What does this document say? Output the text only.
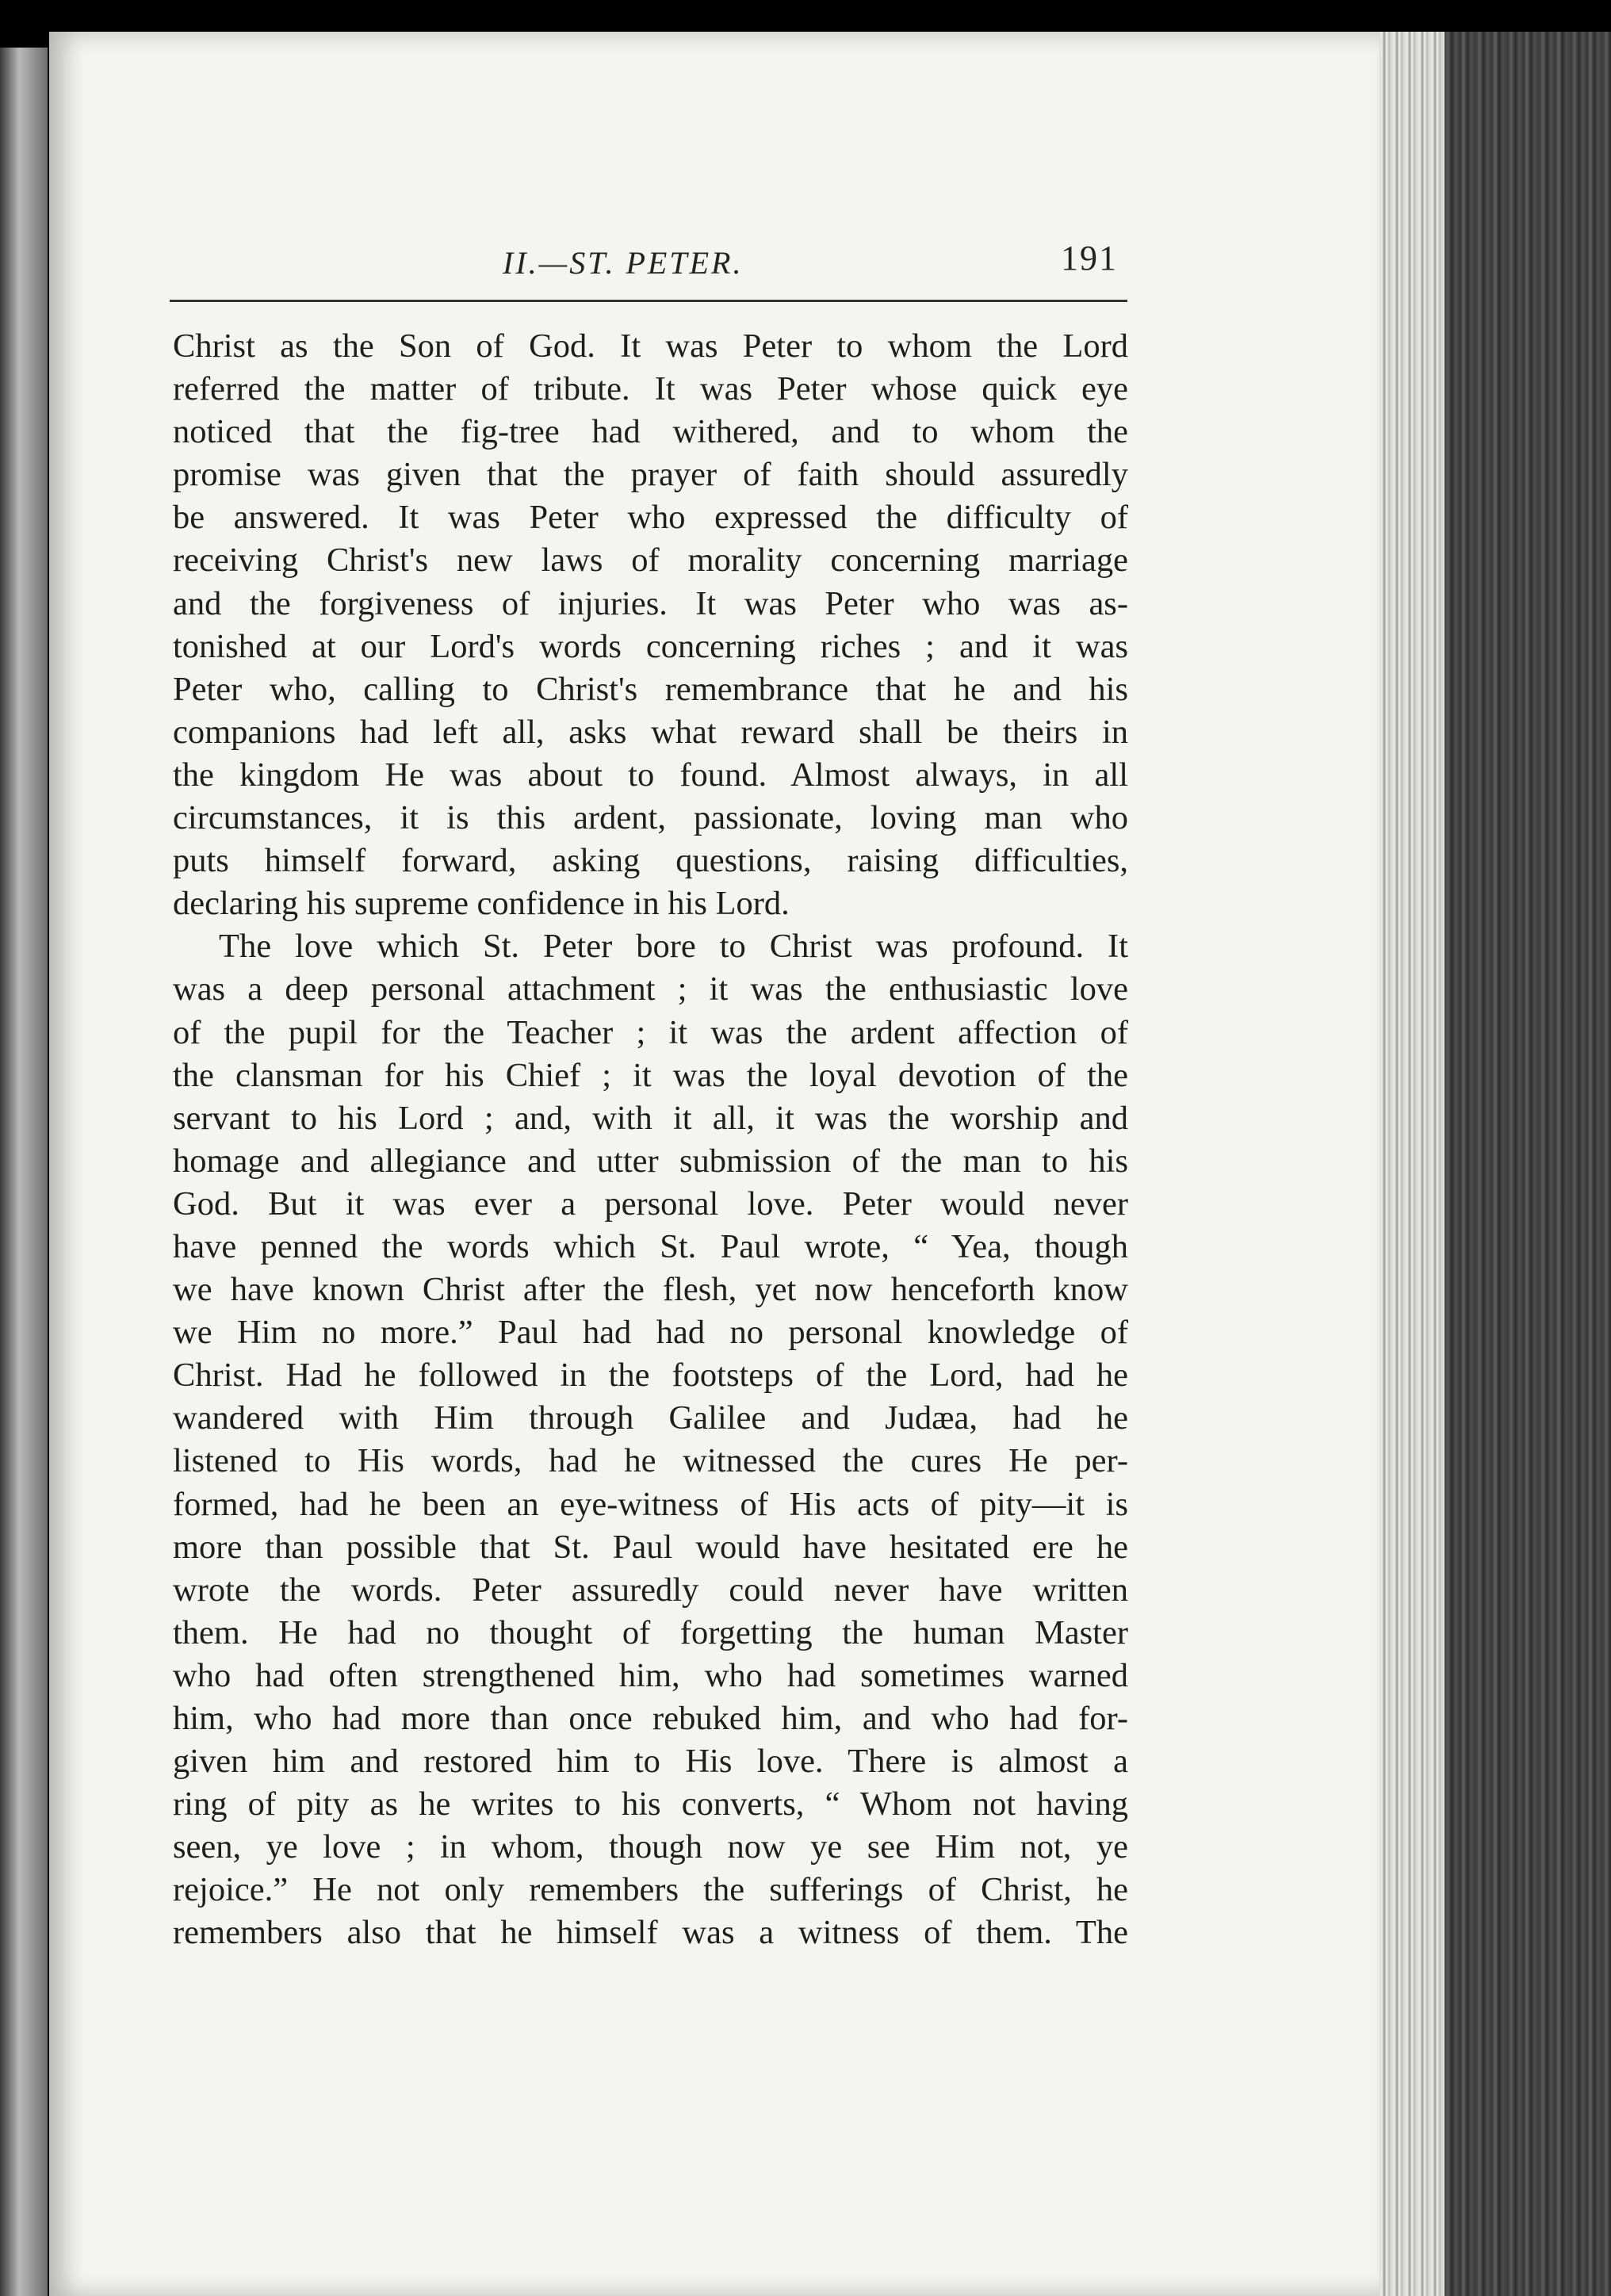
II.—ST. PETER.	191
Christ as the Son of God. It was Peter to whom the Lord
referred the matter of tribute. It was Peter whose quick eye
noticed that the fig-tree had withered, and to whom the
promise was given that the prayer of faith should assuredly
be answered. It was Peter who expressed the difficulty of
receiving Christ's new laws of morality concerning marriage
and the forgiveness of injuries. It was Peter who was as-
tonished at our Lord's words concerning riches ; and it was
Peter who, calling to Christ's remembrance that he and his
companions had left all, asks what reward shall be theirs in
the kingdom He was about to found. Almost always, in all
circumstances, it is this ardent, passionate, loving man who
puts himself forward, asking questions, raising difficulties,
declaring his supreme confidence in his Lord.
The love which St. Peter bore to Christ was profound. It
was a deep personal attachment ; it was the enthusiastic love
of the pupil for the Teacher ; it was the ardent affection of
the clansman for his Chief ; it was the loyal devotion of the
servant to his Lord ; and, with it all, it was the worship and
homage and allegiance and utter submission of the man to his
God. But it was ever a personal love. Peter would never
have penned the words which St. Paul wrote, “ Yea, though
we have known Christ after the flesh, yet now henceforth know
we Him no more.” Paul had had no personal knowledge of
Christ. Had he followed in the footsteps of the Lord, had he
wandered with Him through Galilee and Judæa, had he
listened to His words, had he witnessed the cures He per-
formed, had he been an eye-witness of His acts of pity—it is
more than possible that St. Paul would have hesitated ere he
wrote the words. Peter assuredly could never have written
them. He had no thought of forgetting the human Master
who had often strengthened him, who had sometimes warned
him, who had more than once rebuked him, and who had for-
given him and restored him to His love. There is almost a
ring of pity as he writes to his converts, “ Whom not having
seen, ye love ; in whom, though now ye see Him not, ye
rejoice.” He not only remembers the sufferings of Christ, he
remembers also that he himself was a witness of them. The
